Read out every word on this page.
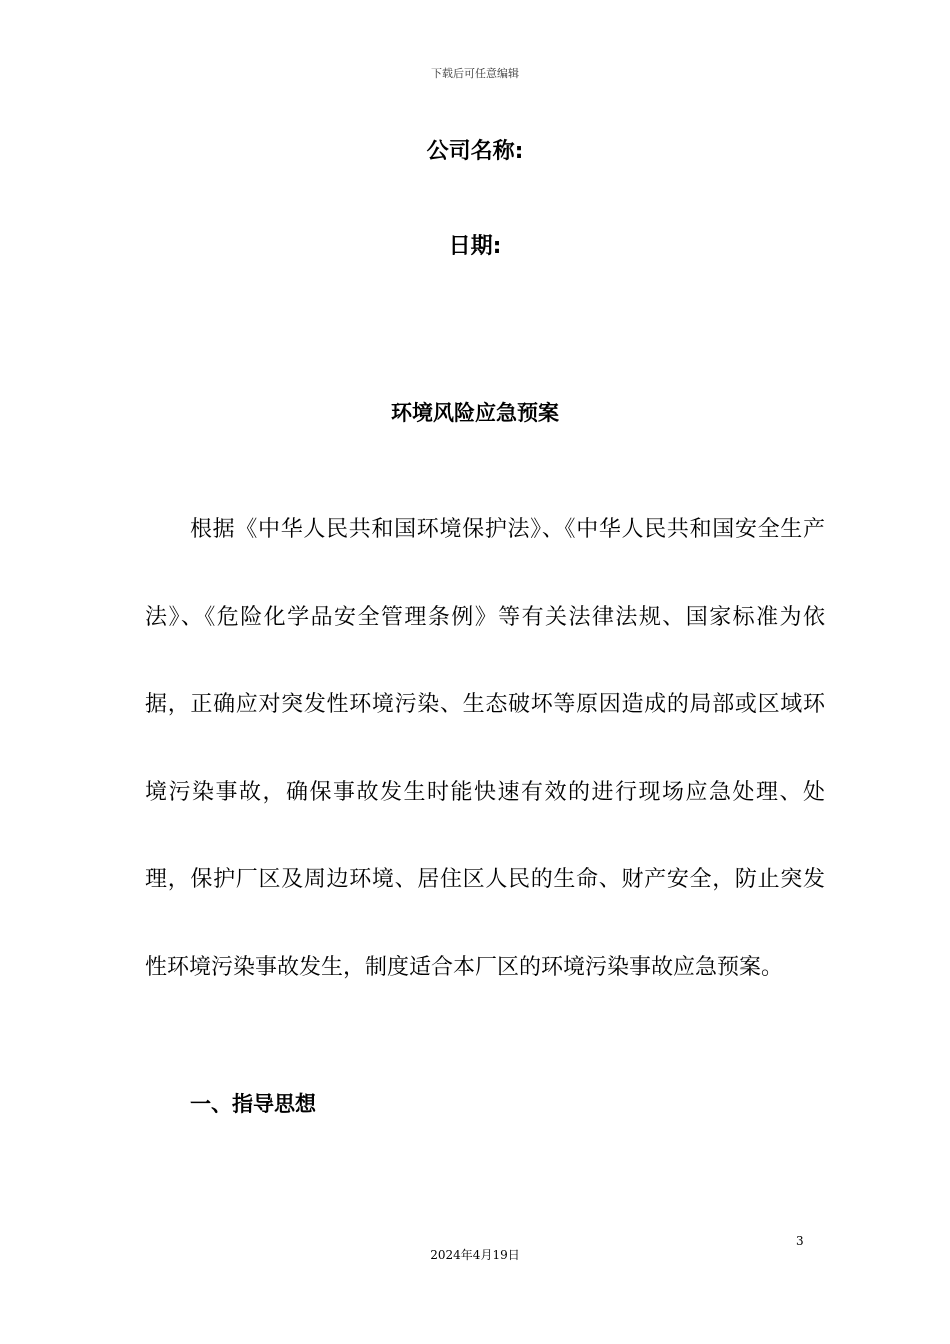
下载后可任意编辑
公司名称:
日期:
环境风险应急预案
根据《中华人民共和国环境保护法》、《中华人民共和国安全生产法》、《危险化学品安全管理条例》等有关法律法规、国家标准为依据，正确应对突发性环境污染、生态破坏等原因造成的局部或区域环境污染事故，确保事故发生时能快速有效的进行现场应急处理、处理，保护厂区及周边环境、居住区人民的生命、财产安全，防止突发性环境污染事故发生，制度适合本厂区的环境污染事故应急预案。
一、指导思想
3
2024年4月19日
